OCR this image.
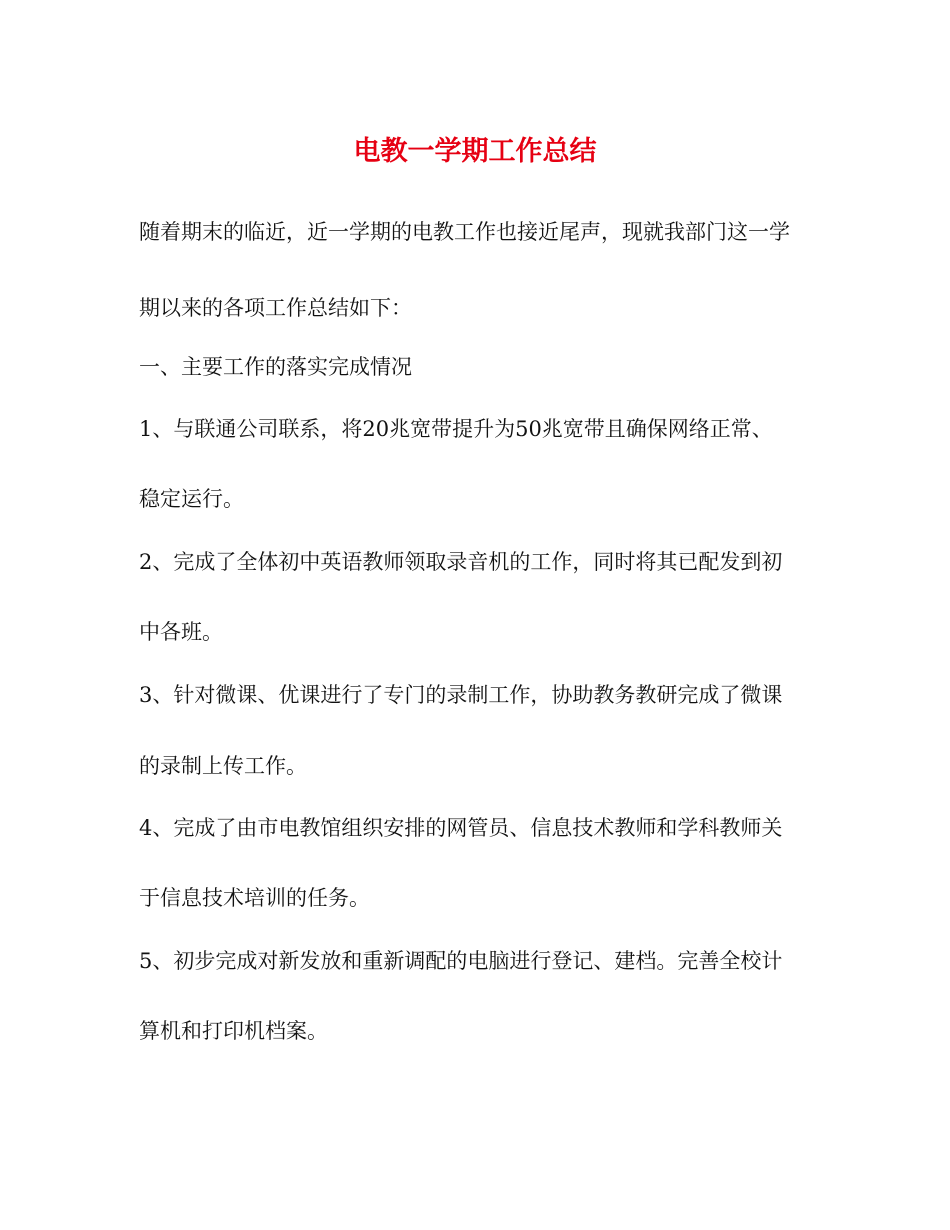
电教一学期工作总结

随着期末的临近，近一学期的电教工作也接近尾声，现就我部门这一学

期以来的各项工作总结如下：

一、主要工作的落实完成情况

1、与联通公司联系，将20兆宽带提升为50兆宽带且确保网络正常、

稳定运行。

2、完成了全体初中英语教师领取录音机的工作，同时将其已配发到初

中各班。

3、针对微课、优课进行了专门的录制工作，协助教务教研完成了微课

的录制上传工作。

4、完成了由市电教馆组织安排的网管员、信息技术教师和学科教师关

于信息技术培训的任务。

5、初步完成对新发放和重新调配的电脑进行登记、建档。完善全校计

算机和打印机档案。
